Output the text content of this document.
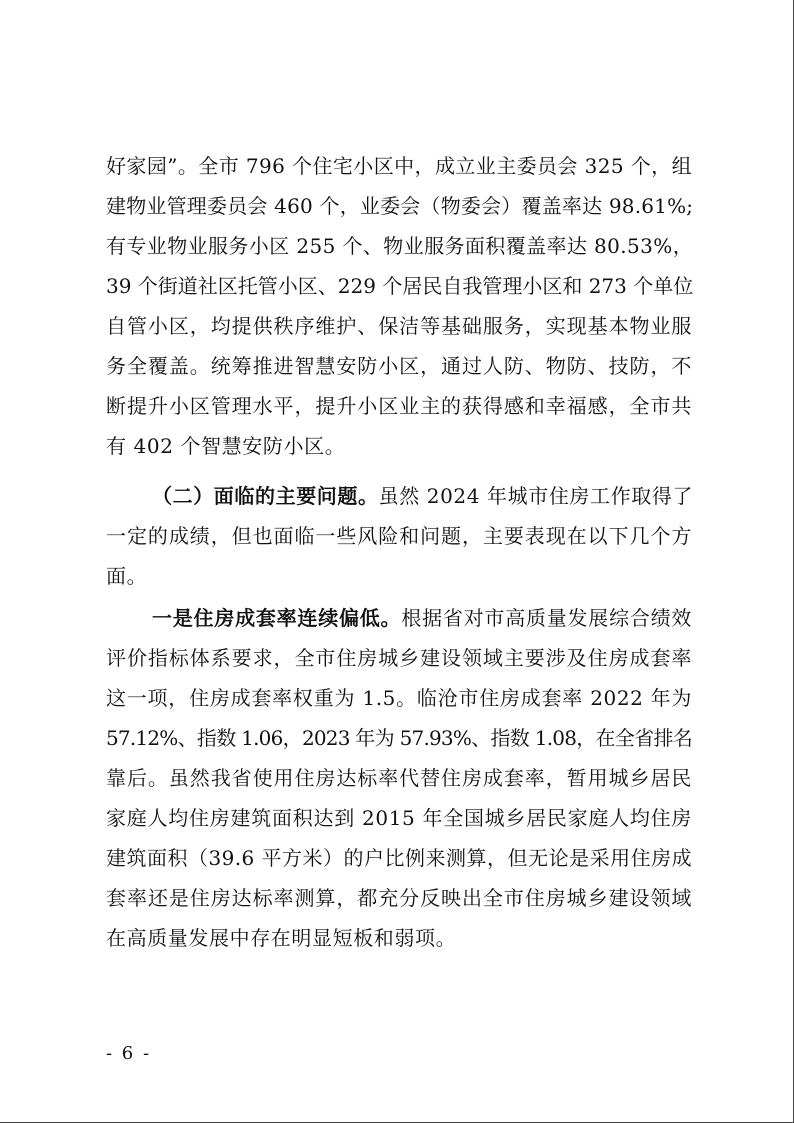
好家园”。全市 796 个住宅小区中，成立业主委员会 325 个，组
建物业管理委员会 460 个，业委会（物委会）覆盖率达 98.61%;
有专业物业服务小区 255 个、物业服务面积覆盖率达 80.53%，
39 个街道社区托管小区、229 个居民自我管理小区和 273 个单位
自管小区，均提供秩序维护、保洁等基础服务，实现基本物业服
务全覆盖。统筹推进智慧安防小区，通过人防、物防、技防，不
断提升小区管理水平，提升小区业主的获得感和幸福感，全市共
有 402 个智慧安防小区。
（二）面临的主要问题。虽然 2024 年城市住房工作取得了
一定的成绩，但也面临一些风险和问题，主要表现在以下几个方
面。
一是住房成套率连续偏低。根据省对市高质量发展综合绩效
评价指标体系要求，全市住房城乡建设领域主要涉及住房成套率
这一项，住房成套率权重为 1.5。临沧市住房成套率 2022 年为
57.12%、指数 1.06，2023 年为 57.93%、指数 1.08，在全省排名
靠后。虽然我省使用住房达标率代替住房成套率，暂用城乡居民
家庭人均住房建筑面积达到 2015 年全国城乡居民家庭人均住房
建筑面积（39.6 平方米）的户比例来测算，但无论是采用住房成
套率还是住房达标率测算，都充分反映出全市住房城乡建设领域
在高质量发展中存在明显短板和弱项。
- 6 -
